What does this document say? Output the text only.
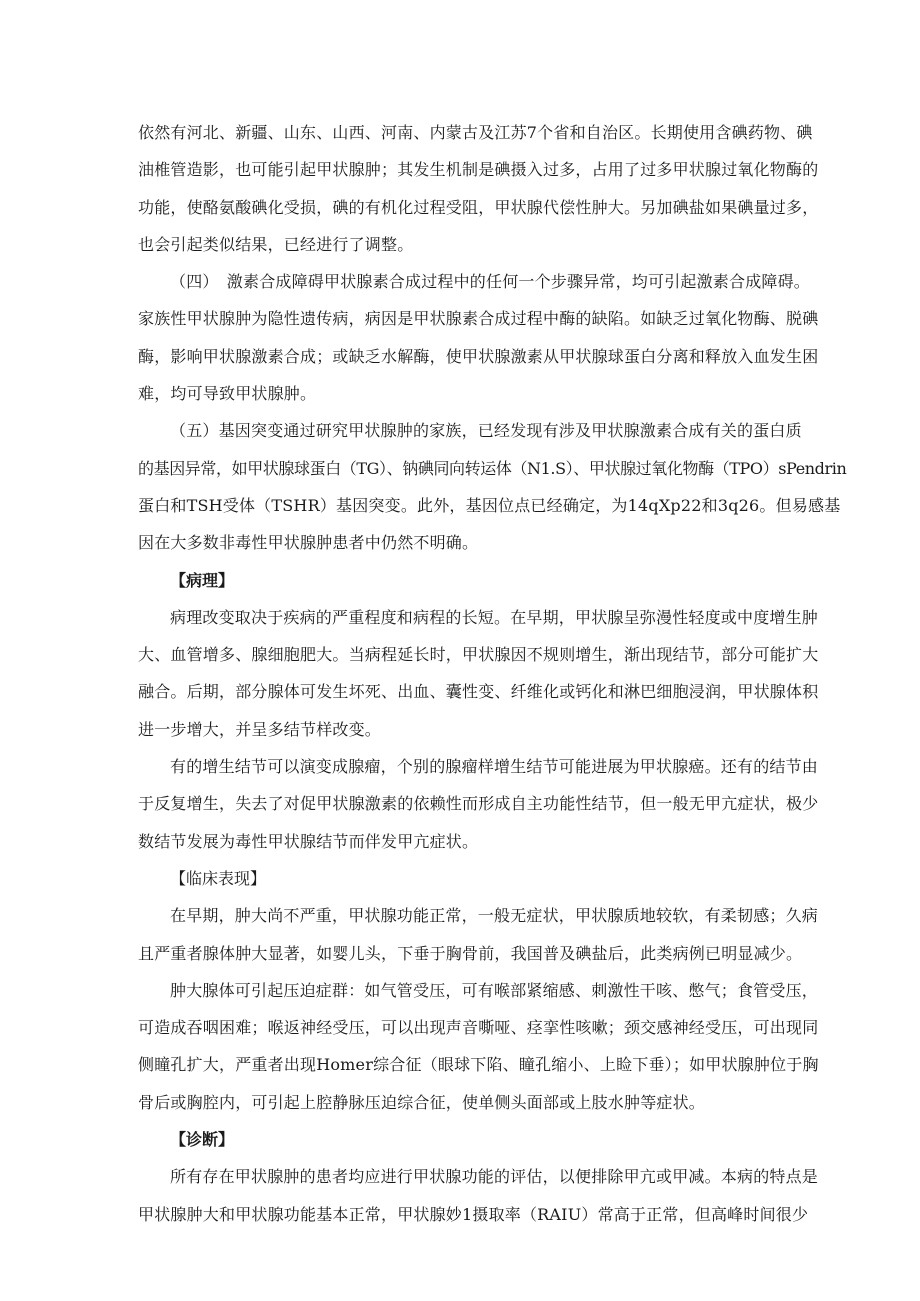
依然有河北、新疆、山东、山西、河南、内蒙古及江苏7个省和自治区。长期使用含碘药物、碘
油椎管造影，也可能引起甲状腺肿；其发生机制是碘摄入过多，占用了过多甲状腺过氧化物酶的
功能，使酪氨酸碘化受损，碘的有机化过程受阻，甲状腺代偿性肿大。另加碘盐如果碘量过多，
也会引起类似结果，已经进行了调整。
（四）　激素合成障碍甲状腺素合成过程中的任何一个步骤异常，均可引起激素合成障碍。
家族性甲状腺肿为隐性遗传病，病因是甲状腺素合成过程中酶的缺陷。如缺乏过氧化物酶、脱碘
酶，影响甲状腺激素合成；或缺乏水解酶，使甲状腺激素从甲状腺球蛋白分离和释放入血发生困
难，均可导致甲状腺肿。
（五）基因突变通过研究甲状腺肿的家族，已经发现有涉及甲状腺激素合成有关的蛋白质
的基因异常，如甲状腺球蛋白（TG）、钠碘同向转运体（N1.S）、甲状腺过氧化物酶（TPO）sPendrin
蛋白和TSH受体（TSHR）基因突变。此外，基因位点已经确定，为14qXp22和3q26。但易感基
因在大多数非毒性甲状腺肿患者中仍然不明确。
【病理】
病理改变取决于疾病的严重程度和病程的长短。在早期，甲状腺呈弥漫性轻度或中度增生肿
大、血管增多、腺细胞肥大。当病程延长时，甲状腺因不规则增生，渐出现结节，部分可能扩大
融合。后期，部分腺体可发生坏死、出血、囊性变、纤维化或钙化和淋巴细胞浸润，甲状腺体积
进一步增大，并呈多结节样改变。
有的增生结节可以演变成腺瘤，个别的腺瘤样增生结节可能进展为甲状腺癌。还有的结节由
于反复增生，失去了对促甲状腺激素的依赖性而形成自主功能性结节，但一般无甲亢症状，极少
数结节发展为毒性甲状腺结节而伴发甲亢症状。
【临床表现】
在早期，肿大尚不严重，甲状腺功能正常，一般无症状，甲状腺质地较软，有柔韧感；久病
且严重者腺体肿大显著，如婴儿头，下垂于胸骨前，我国普及碘盐后，此类病例已明显减少。
肿大腺体可引起压迫症群：如气管受压，可有喉部紧缩感、刺激性干咳、憋气；食管受压，
可造成吞咽困难；喉返神经受压，可以出现声音嘶哑、痉挛性咳嗽；颈交感神经受压，可出现同
侧瞳孔扩大，严重者出现Homer综合征（眼球下陷、瞳孔缩小、上睑下垂）；如甲状腺肿位于胸
骨后或胸腔内，可引起上腔静脉压迫综合征，使单侧头面部或上肢水肿等症状。
【诊断】
所有存在甲状腺肿的患者均应进行甲状腺功能的评估，以便排除甲亢或甲减。本病的特点是
甲状腺肿大和甲状腺功能基本正常，甲状腺妙1摄取率（RAIU）常高于正常，但高峰时间很少
